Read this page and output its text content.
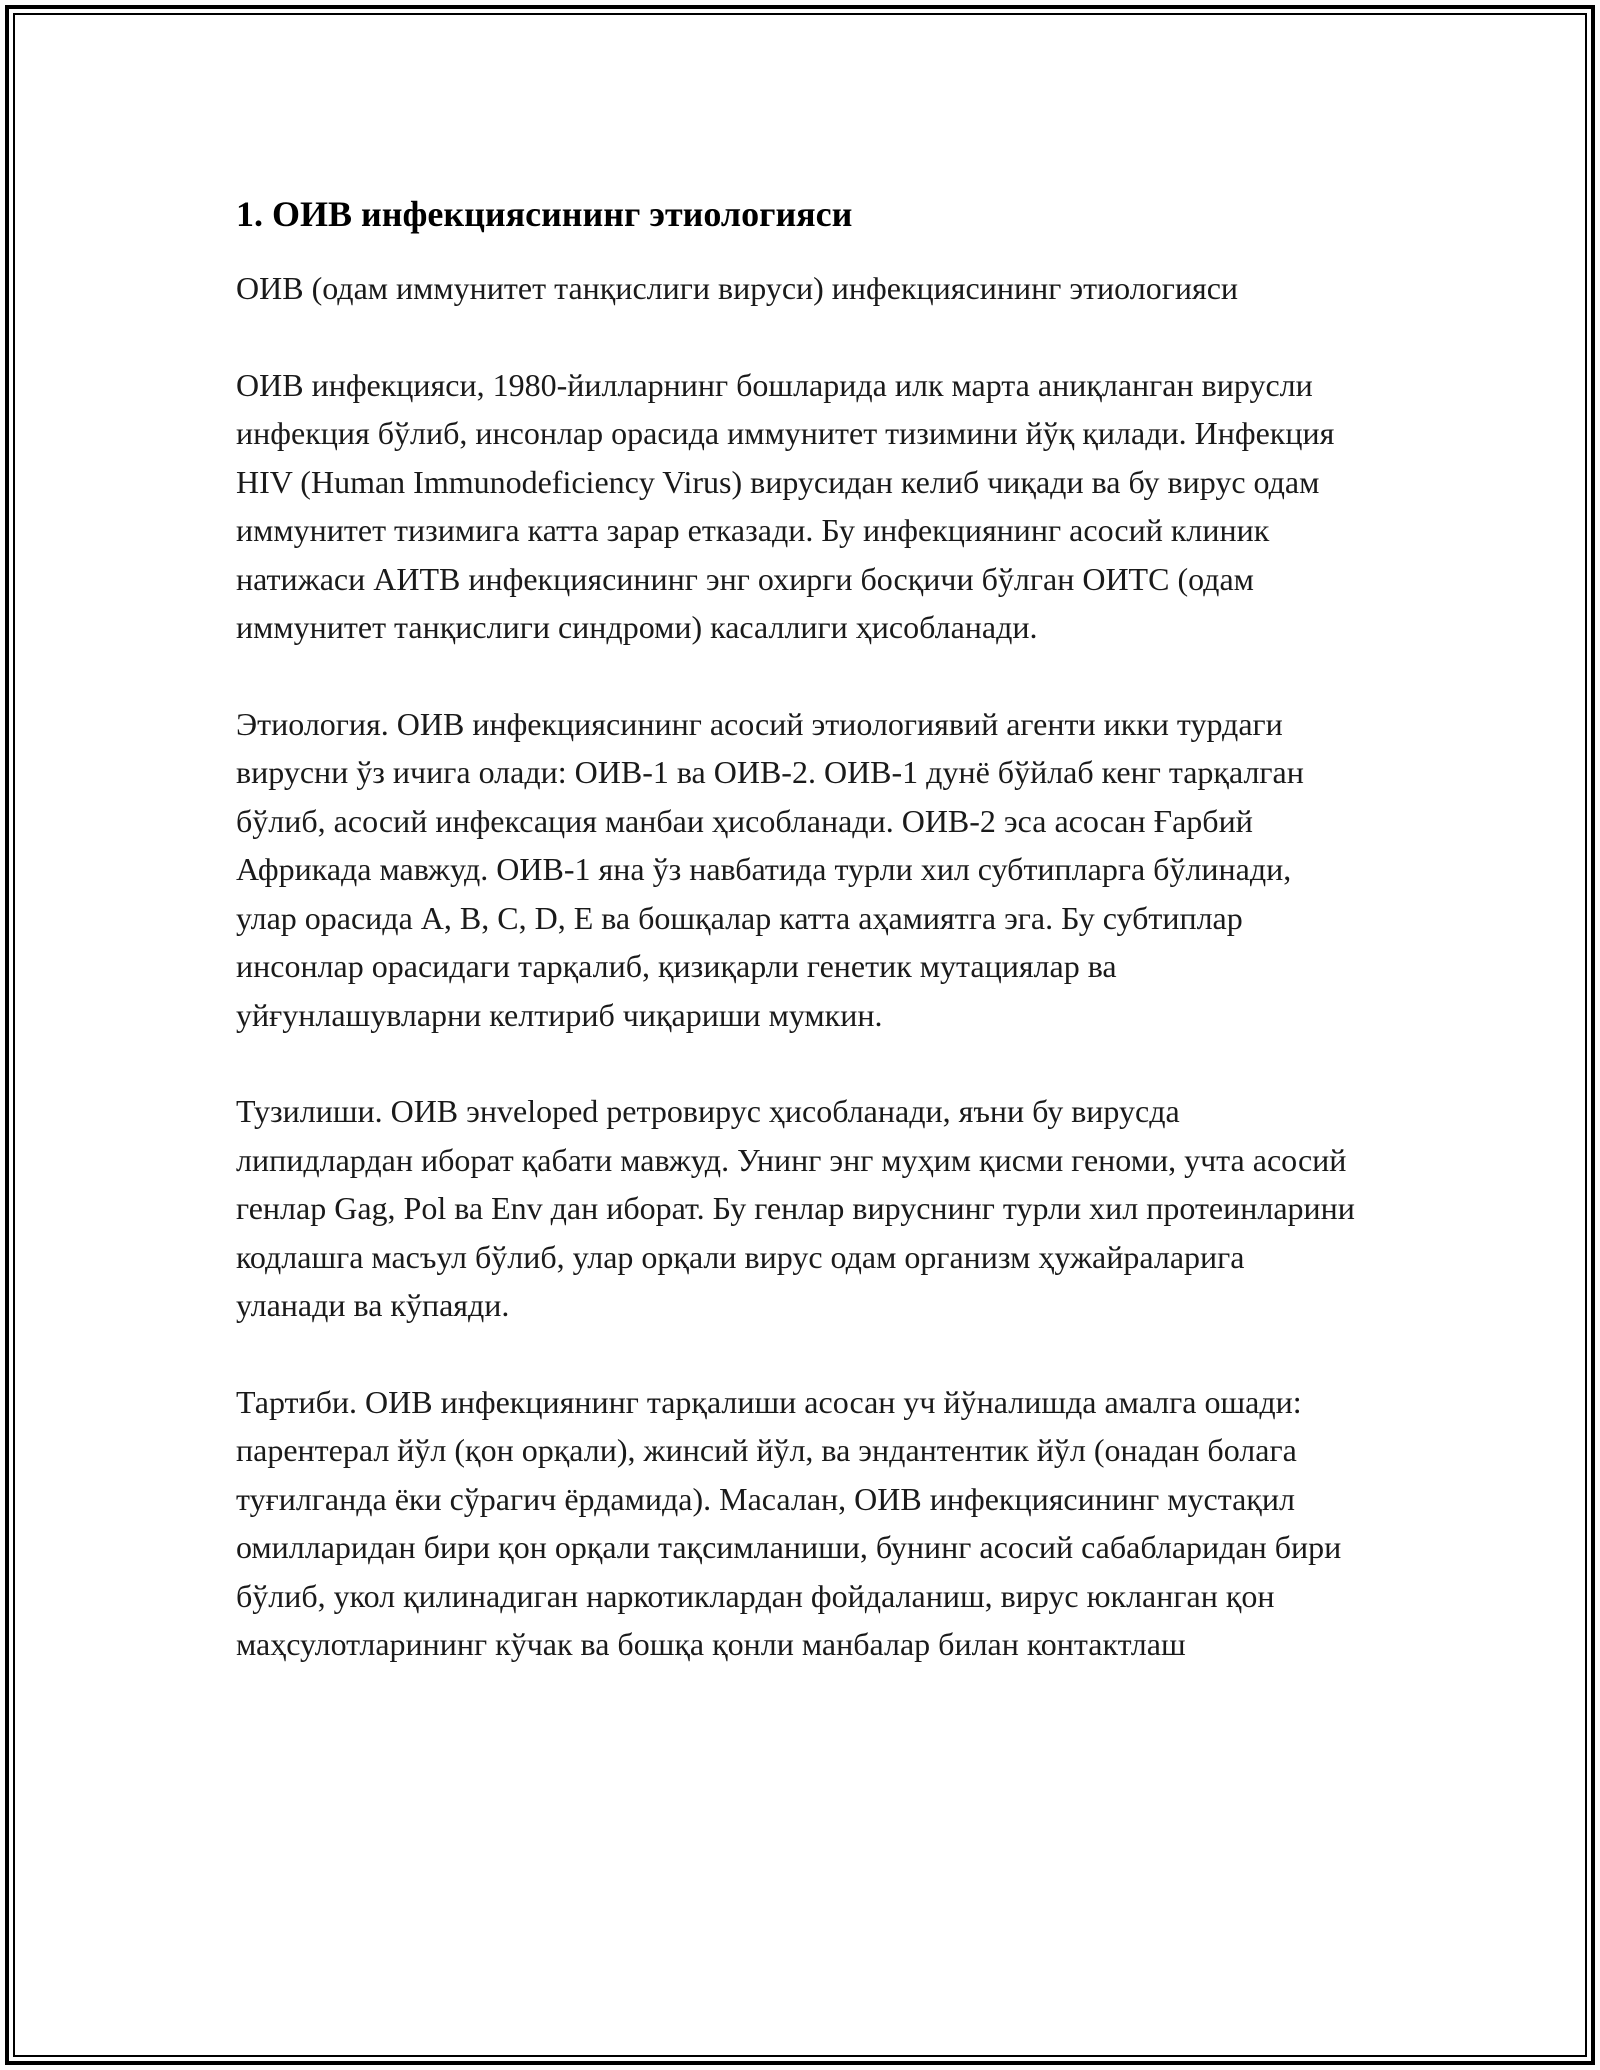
1. ОИВ инфекциясининг этиологияси

ОИВ (одам иммунитет танқислиги вируси) инфекциясининг этиологияси

ОИВ инфекцияси, 1980-йилларнинг бошларида илк марта аниқланган вирусли инфекция бўлиб, инсонлар орасида иммунитет тизимини йўқ қилади. Инфекция HIV (Human Immunodeficiency Virus) вирусидан келиб чиқади ва бу вирус одам иммунитет тизимига катта зарар етказади. Бу инфекциянинг асосий клиник натижаси АИТВ инфекциясининг энг охирги босқичи бўлган ОИТС (одам иммунитет танқислиги синдроми) касаллиги ҳисобланади.

Этиология. ОИВ инфекциясининг асосий этиологиявий агенти икки турдаги вирусни ўз ичига олади: ОИВ-1 ва ОИВ-2. ОИВ-1 дунё бўйлаб кенг тарқалган бўлиб, асосий инфексация манбаи ҳисобланади. ОИВ-2 эса асосан Ғарбий Африкада мавжуд. ОИВ-1 яна ўз навбатида турли хил субтипларга бўлинади, улар орасида A, B, C, D, E ва бошқалар катта аҳамиятга эга. Бу субтиплар инсонлар орасидаги тарқалиб, қизиқарли генетик мутациялар ва уйғунлашувларни келтириб чиқариши мумкин.

Тузилиши. ОИВ энveloped ретровирус ҳисобланади, яъни бу вирусда липидлардан иборат қабати мавжуд. Унинг энг муҳим қисми геноми, учта асосий генлар Gag, Pol ва Env дан иборат. Бу генлар вируснинг турли хил протеинларини кодлашга масъул бўлиб, улар орқали вирус одам организм ҳужайраларига уланади ва кўпаяди.

Тартиби. ОИВ инфекциянинг тарқалиши асосан уч йўналишда амалга ошади: парентерал йўл (қон орқали), жинсий йўл, ва эндантентик йўл (онадан болага туғилганда ёки сўрагич ёрдамида). Масалан, ОИВ инфекциясининг мустақил омилларидан бири қон орқали тақсимланиши, бунинг асосий сабабларидан бири бўлиб, укол қилинадиган наркотиклардан фойдаланиш, вирус юкланган қон маҳсулотларининг кўчак ва бошқа қонли манбалар билан контактлаш
